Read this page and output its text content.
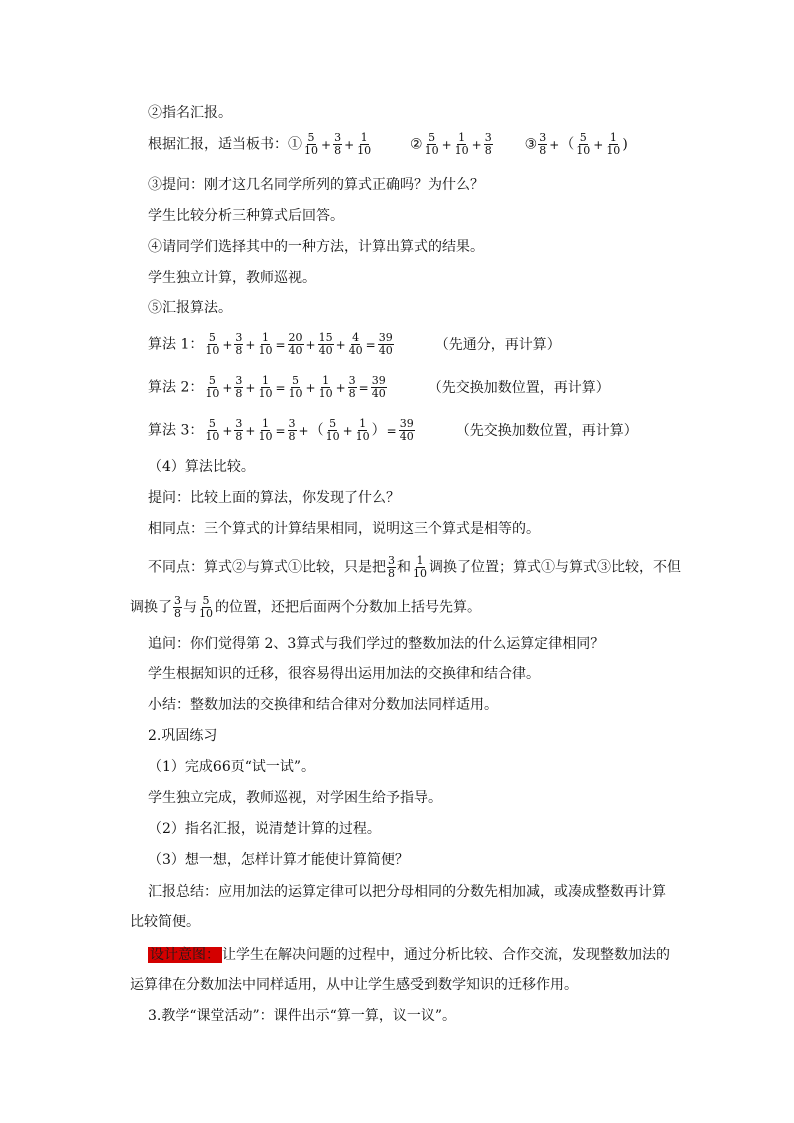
②指名汇报。
根据汇报，适当板书：① $\frac{5}{10} + \frac{3}{8} + \frac{1}{10}$	② $\frac{5}{10} + \frac{1}{10} + \frac{3}{8}$ ③ $\frac{3}{8}$ +（ $\frac{5}{10} + \frac{1}{10}$ )
③提问：刚才这几名同学所列的算式正确吗？为什么？
学生比较分析三种算式后回答。
④请同学们选择其中的一种方法，计算出算式的结果。
学生独立计算，教师巡视。
⑤汇报算法。
算法 1： $\frac{5}{10} + \frac{3}{8} + \frac{1}{10} = \frac{20}{40} + \frac{15}{40} + \frac{4}{40} = \frac{39}{40}$	（先通分，再计算）
算法 2： $\frac{5}{10} + \frac{3}{8} + \frac{1}{10} = \frac{5}{10} + \frac{1}{10} + \frac{3}{8} = \frac{39}{40}$	（先交换加数位置，再计算）
算法 3： $\frac{5}{10} + \frac{3}{8} + \frac{1}{10} = \frac{3}{8}$ +（ $\frac{5}{10} + \frac{1}{10}$ ）= $\frac{39}{40}$	（先交换加数位置，再计算）
（4）算法比较。
提问：比较上面的算法，你发现了什么？
相同点：三个算式的计算结果相同，说明这三个算式是相等的。
不同点：算式②与算式①比较，只是把 $\frac{3}{8}$ 和 $\frac{1}{10}$ 调换了位置；算式①与算式③比较，不但
调换了 $\frac{3}{8}$ 与 $\frac{5}{10}$ 的位置，还把后面两个分数加上括号先算。
追问：你们觉得第 2、3算式与我们学过的整数加法的什么运算定律相同？
学生根据知识的迁移，很容易得出运用加法的交换律和结合律。
小结：整数加法的交换律和结合律对分数加法同样适用。
2.巩固练习
（1）完成66页“试一试”。
学生独立完成，教师巡视，对学困生给予指导。
（2）指名汇报，说清楚计算的过程。
（3）想一想，怎样计算才能使计算简便？
汇报总结：应用加法的运算定律可以把分母相同的分数先相加减，或凑成整数再计算比较简便。
设计意图： 让学生在解决问题的过程中，通过分析比较、合作交流，发现整数加法的运算律在分数加法中同样适用，从中让学生感受到数学知识的迁移作用。
3.教学“课堂活动”：课件出示“算一算，议一议”。
